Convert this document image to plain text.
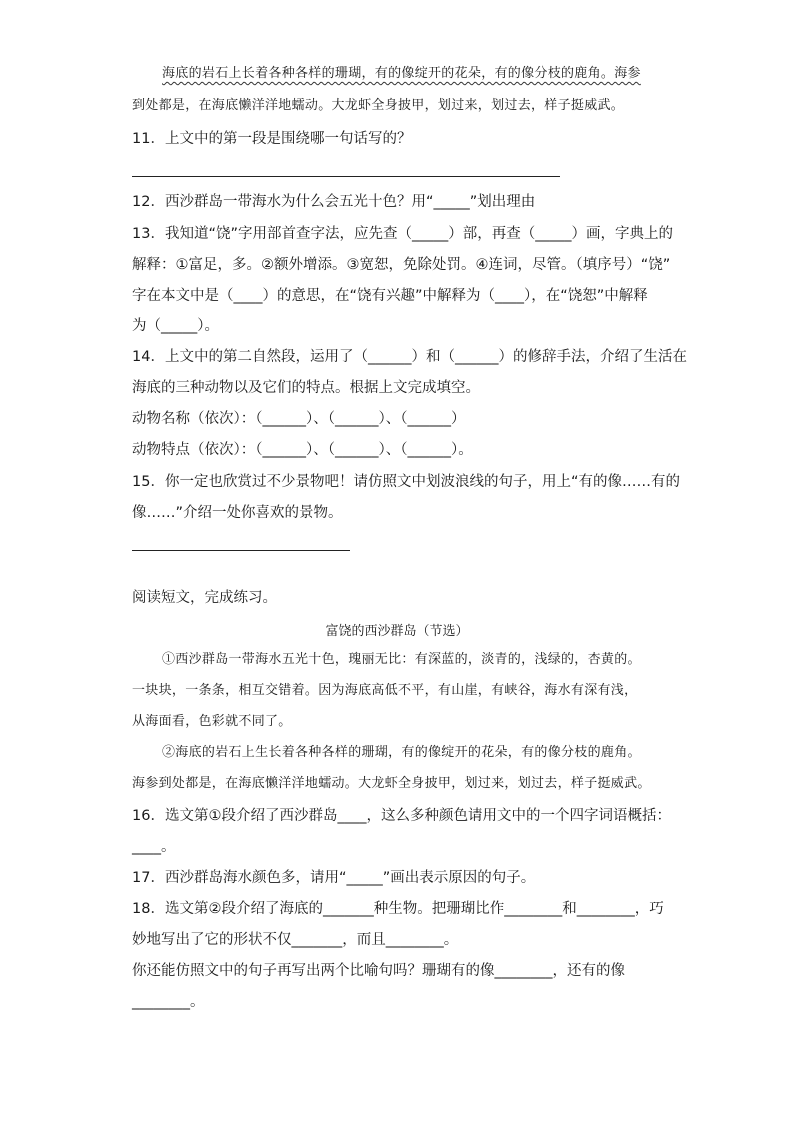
海底的岩石上长着各种各样的珊瑚，有的像绽开的花朵，有的像分枝的鹿角。海参
到处都是，在海底懒洋洋地蠕动。大龙虾全身披甲，划过来，划过去，样子挺威武。
11．上文中的第一段是围绕哪一句话写的？
12．西沙群岛一带海水为什么会五光十色？用“_____”划出理由
13．我知道“饶”字用部首查字法，应先查（_____）部，再查（_____）画，字典上的
解释：①富足，多。②额外增添。③宽恕，免除处罚。④连词，尽管。（填序号）“饶”
字在本文中是（____）的意思，在“饶有兴趣”中解释为（____），在“饶恕”中解释
为（_____）。
14．上文中的第二自然段，运用了（______）和（______）的修辞手法，介绍了生活在
海底的三种动物以及它们的特点。根据上文完成填空。
动物名称（依次）：（______）、（______）、（______）
动物特点（依次）：（______）、（______）、（______）。
15．你一定也欣赏过不少景物吧！请仿照文中划波浪线的句子，用上“有的像……有的
像……”介绍一处你喜欢的景物。
阅读短文，完成练习。
富饶的西沙群岛（节选）
①西沙群岛一带海水五光十色，瑰丽无比：有深蓝的，淡青的，浅绿的，杏黄的。
一块块，一条条，相互交错着。因为海底高低不平，有山崖，有峡谷，海水有深有浅，
从海面看，色彩就不同了。
②海底的岩石上生长着各种各样的珊瑚，有的像绽开的花朵，有的像分枝的鹿角。
海参到处都是，在海底懒洋洋地蠕动。大龙虾全身披甲，划过来，划过去，样子挺威武。
16．选文第①段介绍了西沙群岛____，这么多种颜色请用文中的一个四字词语概括：
____。
17．西沙群岛海水颜色多，请用“_____”画出表示原因的句子。
18．选文第②段介绍了海底的_______种生物。把珊瑚比作________和________，巧
妙地写出了它的形状不仅_______，而且________。
你还能仿照文中的句子再写出两个比喻句吗？珊瑚有的像________，还有的像
________。
